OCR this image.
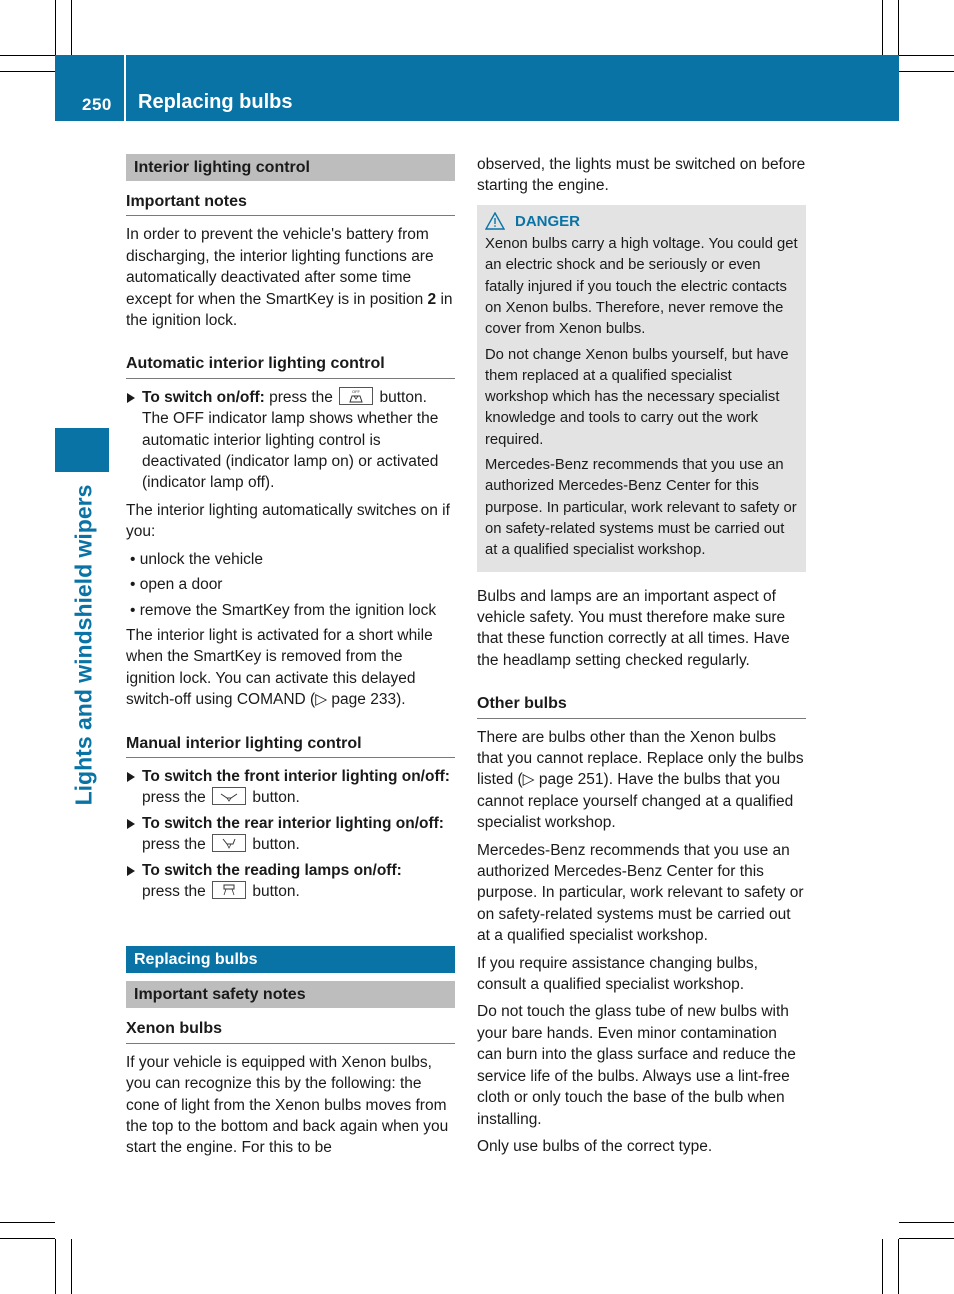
250 Replacing bulbs
Lights and windshield wipers
Interior lighting control
Important notes

In order to prevent the vehicle's battery from discharging, the interior lighting functions are automatically deactivated after some time except for when the SmartKey is in position 2 in the ignition lock.

Automatic interior lighting control
To switch on/off: press the	OFF button. The OFF indicator lamp shows whether the automatic interior lighting control is deactivated (indicator lamp on) or activated (indicator lamp off).

The interior lighting automatically switches on if you:

• unlock the vehicle
• open a door
• remove the SmartKey from the ignition lock

The interior light is activated for a short while when the SmartKey is removed from the ignition lock. You can activate this delayed switch-off using COMAND (▷ page 233).

Manual interior lighting control
To switch the front interior lighting on/off: press the
button.
To switch the rear interior lighting on/off: press the
button.
To switch the reading lamps on/off:
press the
button.
Replacing bulbs
Important safety notes
Xenon bulbs

If your vehicle is equipped with Xenon bulbs, you can recognize this by the following: the cone of light from the Xenon bulbs moves from the top to the bottom and back again when you start the engine. For this to be

observed, the lights must be switched on before starting the engine.

DANGER

Xenon bulbs carry a high voltage. You could get an electric shock and be seriously or even fatally injured if you touch the electric contacts on Xenon bulbs. Therefore, never remove the cover from Xenon bulbs.

Do not change Xenon bulbs yourself, but have them replaced at a qualified specialist workshop which has the necessary specialist knowledge and tools to carry out the work required.

Mercedes-Benz recommends that you use an authorized Mercedes-Benz Center for this purpose. In particular, work relevant to safety or on safety-related systems must be carried out at a qualified specialist workshop.

Bulbs and lamps are an important aspect of vehicle safety. You must therefore make sure that these function correctly at all times. Have the headlamp setting checked regularly.

Other bulbs

There are bulbs other than the Xenon bulbs that you cannot replace. Replace only the bulbs listed (▷ page 251). Have the bulbs that you cannot replace yourself changed at a qualified specialist workshop.

Mercedes-Benz recommends that you use an authorized Mercedes-Benz Center for this purpose. In particular, work relevant to safety or on safety-related systems must be carried out at a qualified specialist workshop.

If you require assistance changing bulbs, consult a qualified specialist workshop.

Do not touch the glass tube of new bulbs with your bare hands. Even minor contamination can burn into the glass surface and reduce the service life of the bulbs. Always use a lint-free cloth or only touch the base of the bulb when installing.

Only use bulbs of the correct type.
